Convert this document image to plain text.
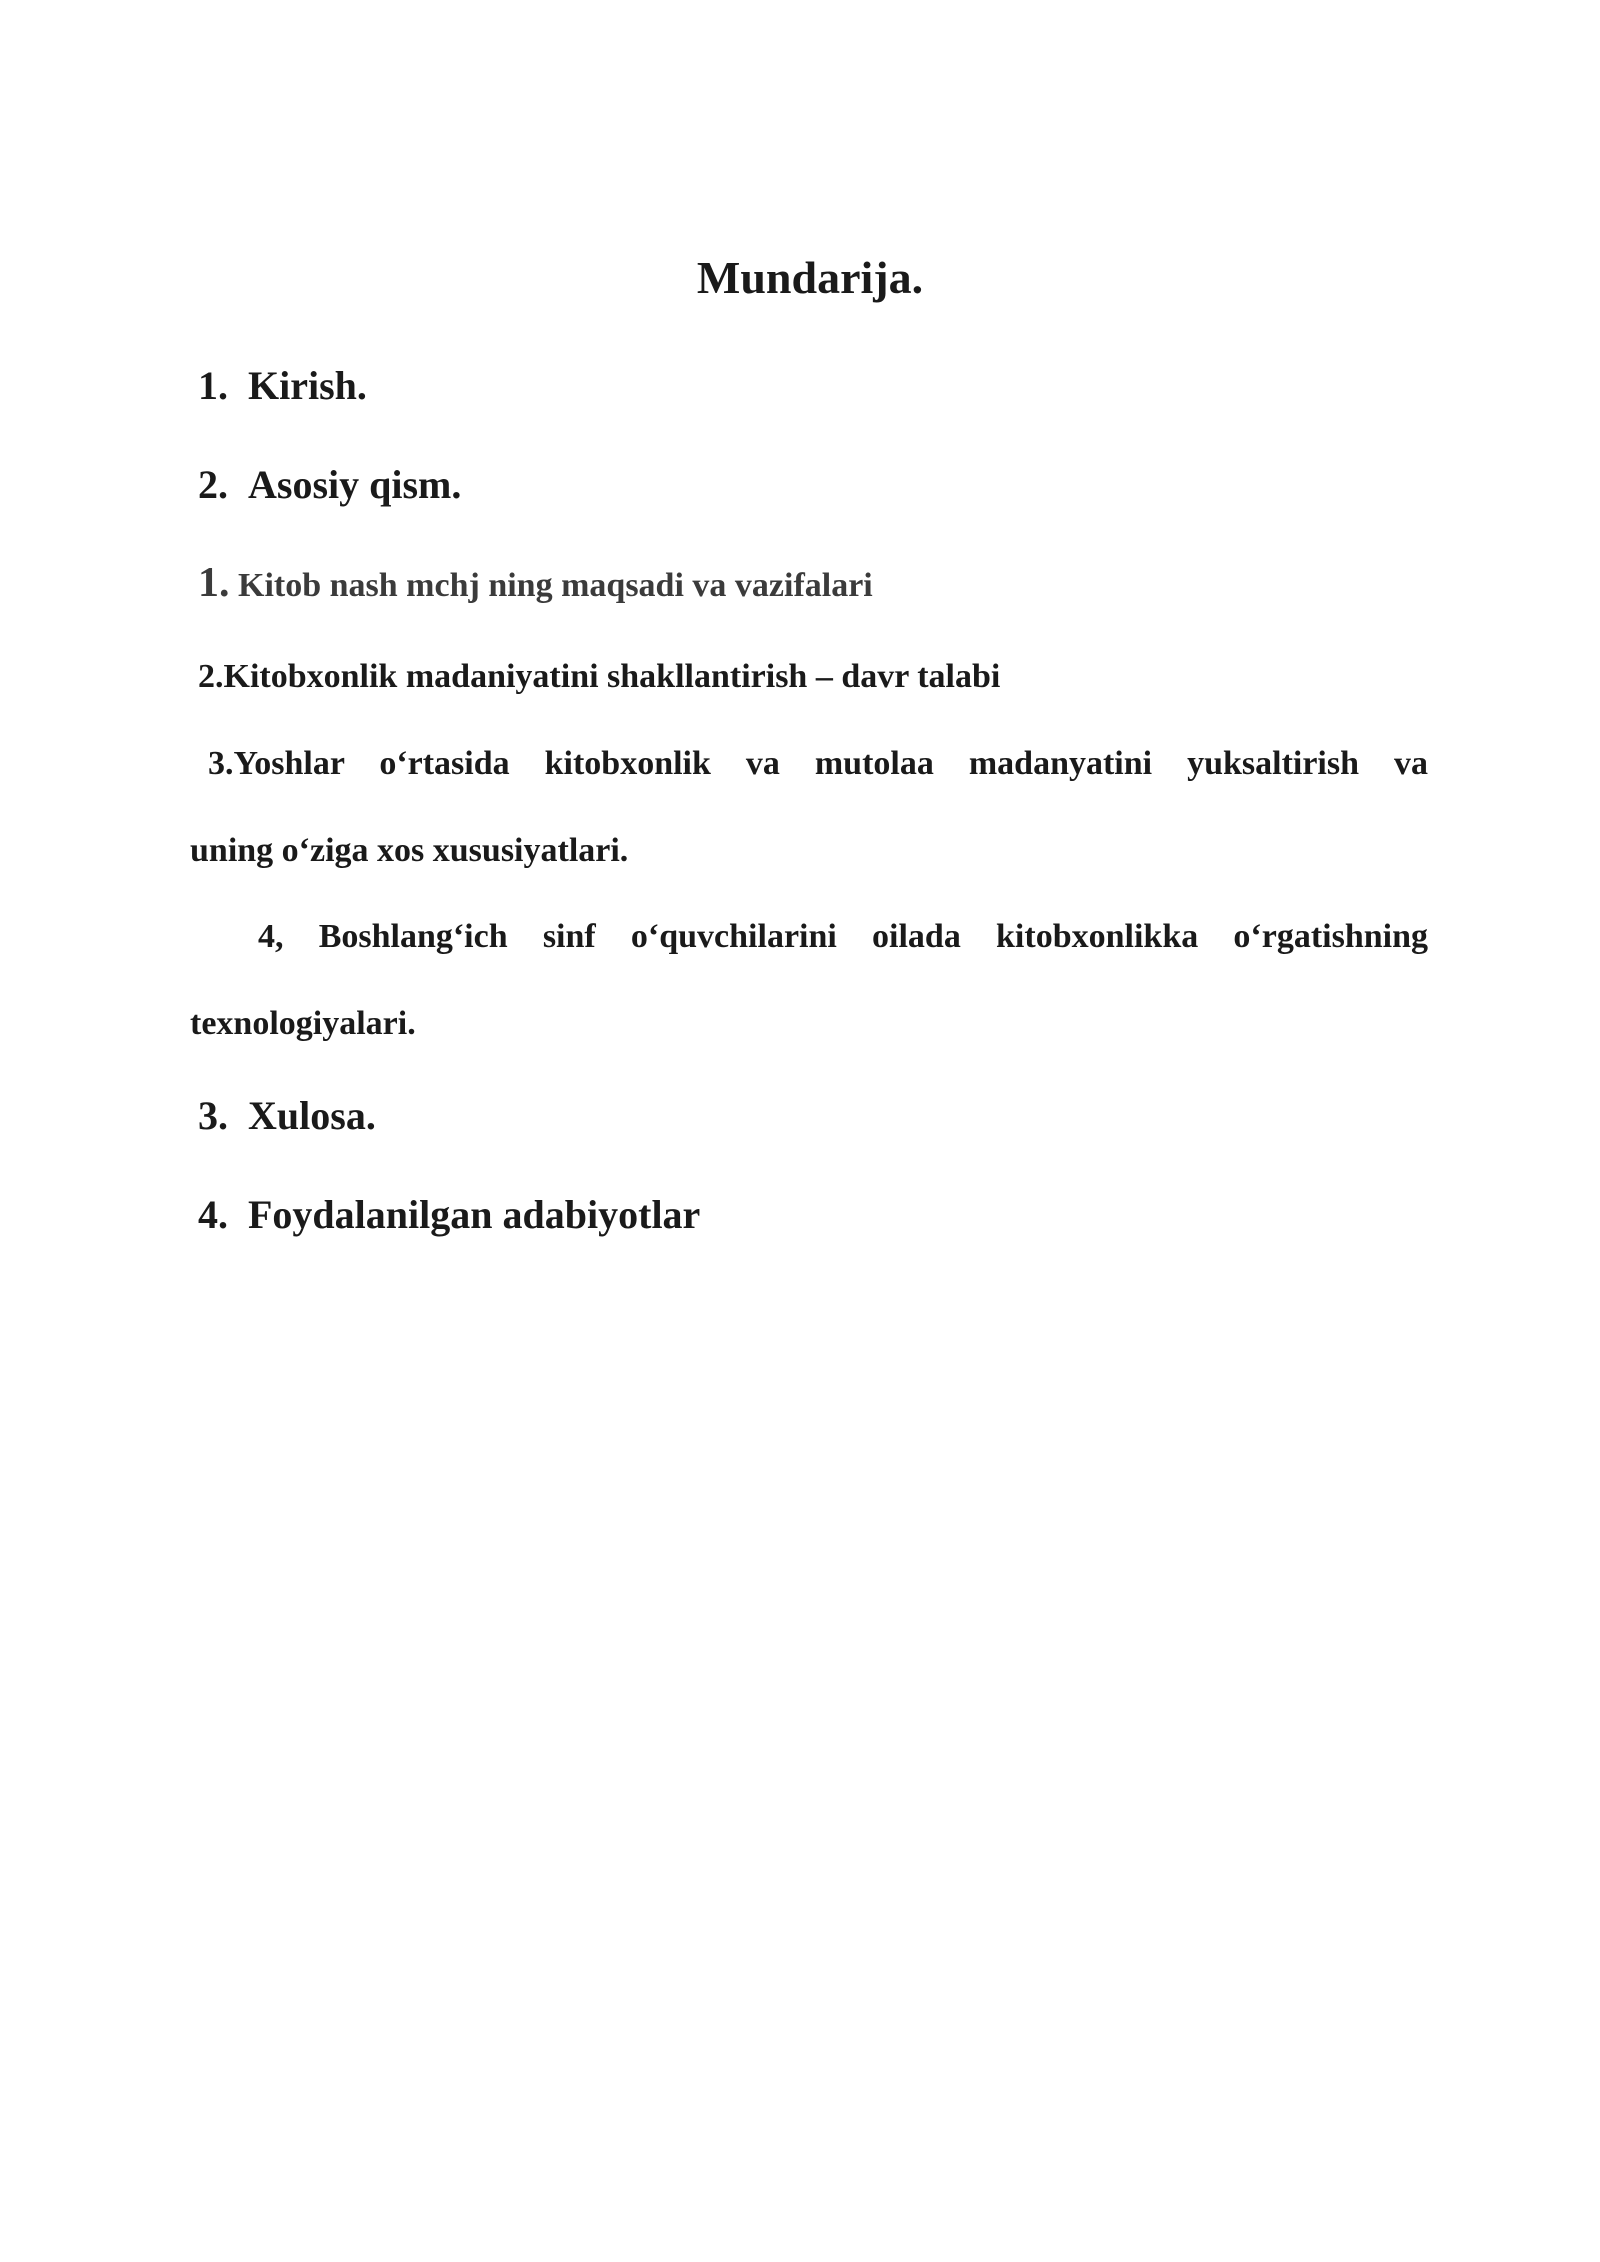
Mundarija.
1. Kirish.
2. Asosiy qism.
1. Kitob nash mchj ning maqsadi va vazifalari
2.Kitobxonlik madaniyatini shakllantirish – davr talabi
3.Yoshlar o‘rtasida kitobxonlik va mutolaa madanyatini yuksaltirish va
uning o‘ziga xos xususiyatlari.
4, Boshlang‘ich sinf o‘quvchilarini oilada kitobxonlikka o‘rgatishning
texnologiyalari.
3. Xulosa.
4. Foydalanilgan adabiyotlar
